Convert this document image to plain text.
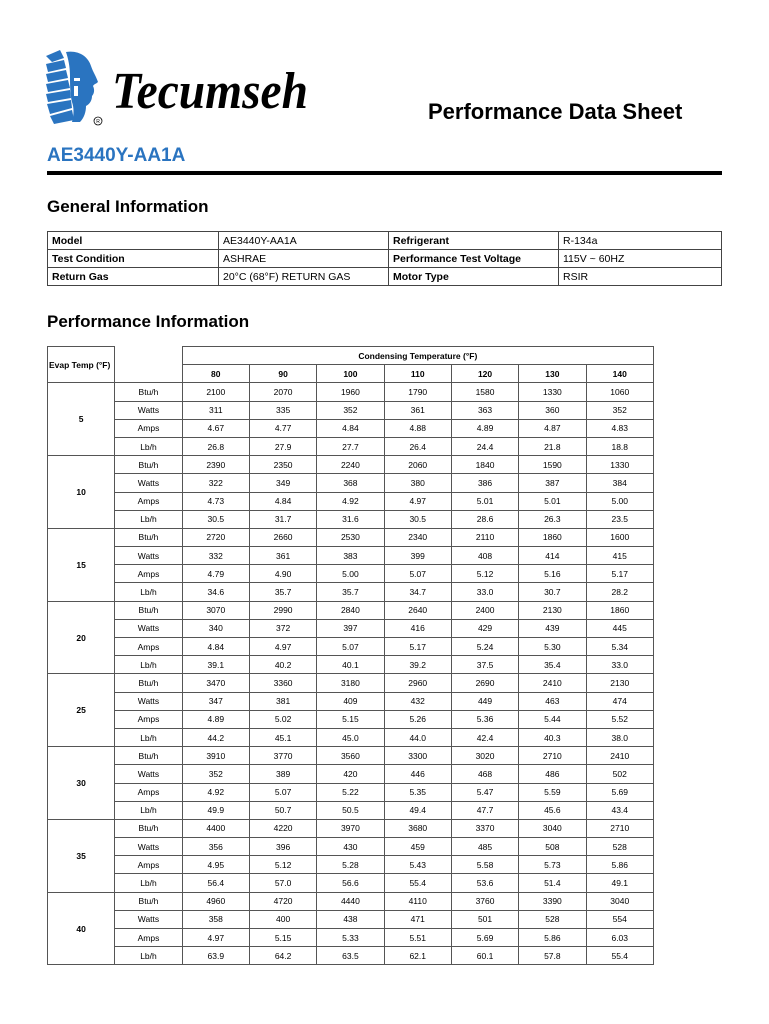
R
Tecumseh	Performance Data Sheet
AE3440Y-AA1A
General Information
Model	AE3440Y-AA1A	Refrigerant	R-134a
Test Condition	ASHRAE	Performance Test Voltage	115V ~ 60HZ
Return Gas	20°C (68°F) RETURN GAS	Motor Type	RSIR
Performance Information
Evap Temp (°F)		Condensing Temperature (°F)						
		80	90	100	110	120	130	140
5	Btu/h	2100	2070	1960	1790	1580	1330	1060
	Watts	311	335	352	361	363	360	352
	Amps	4.67	4.77	4.84	4.88	4.89	4.87	4.83
	Lb/h	26.8	27.9	27.7	26.4	24.4	21.8	18.8
10	Btu/h	2390	2350	2240	2060	1840	1590	1330
	Watts	322	349	368	380	386	387	384
	Amps	4.73	4.84	4.92	4.97	5.01	5.01	5.00
	Lb/h	30.5	31.7	31.6	30.5	28.6	26.3	23.5
15	Btu/h	2720	2660	2530	2340	2110	1860	1600
	Watts	332	361	383	399	408	414	415
	Amps	4.79	4.90	5.00	5.07	5.12	5.16	5.17
	Lb/h	34.6	35.7	35.7	34.7	33.0	30.7	28.2
20	Btu/h	3070	2990	2840	2640	2400	2130	1860
	Watts	340	372	397	416	429	439	445
	Amps	4.84	4.97	5.07	5.17	5.24	5.30	5.34
	Lb/h	39.1	40.2	40.1	39.2	37.5	35.4	33.0
25	Btu/h	3470	3360	3180	2960	2690	2410	2130
	Watts	347	381	409	432	449	463	474
	Amps	4.89	5.02	5.15	5.26	5.36	5.44	5.52
	Lb/h	44.2	45.1	45.0	44.0	42.4	40.3	38.0
30	Btu/h	3910	3770	3560	3300	3020	2710	2410
	Watts	352	389	420	446	468	486	502
	Amps	4.92	5.07	5.22	5.35	5.47	5.59	5.69
	Lb/h	49.9	50.7	50.5	49.4	47.7	45.6	43.4
35	Btu/h	4400	4220	3970	3680	3370	3040	2710
	Watts	356	396	430	459	485	508	528
	Amps	4.95	5.12	5.28	5.43	5.58	5.73	5.86
	Lb/h	56.4	57.0	56.6	55.4	53.6	51.4	49.1
40	Btu/h	4960	4720	4440	4110	3760	3390	3040
	Watts	358	400	438	471	501	528	554
	Amps	4.97	5.15	5.33	5.51	5.69	5.86	6.03
	Lb/h	63.9	64.2	63.5	62.1	60.1	57.8	55.4
